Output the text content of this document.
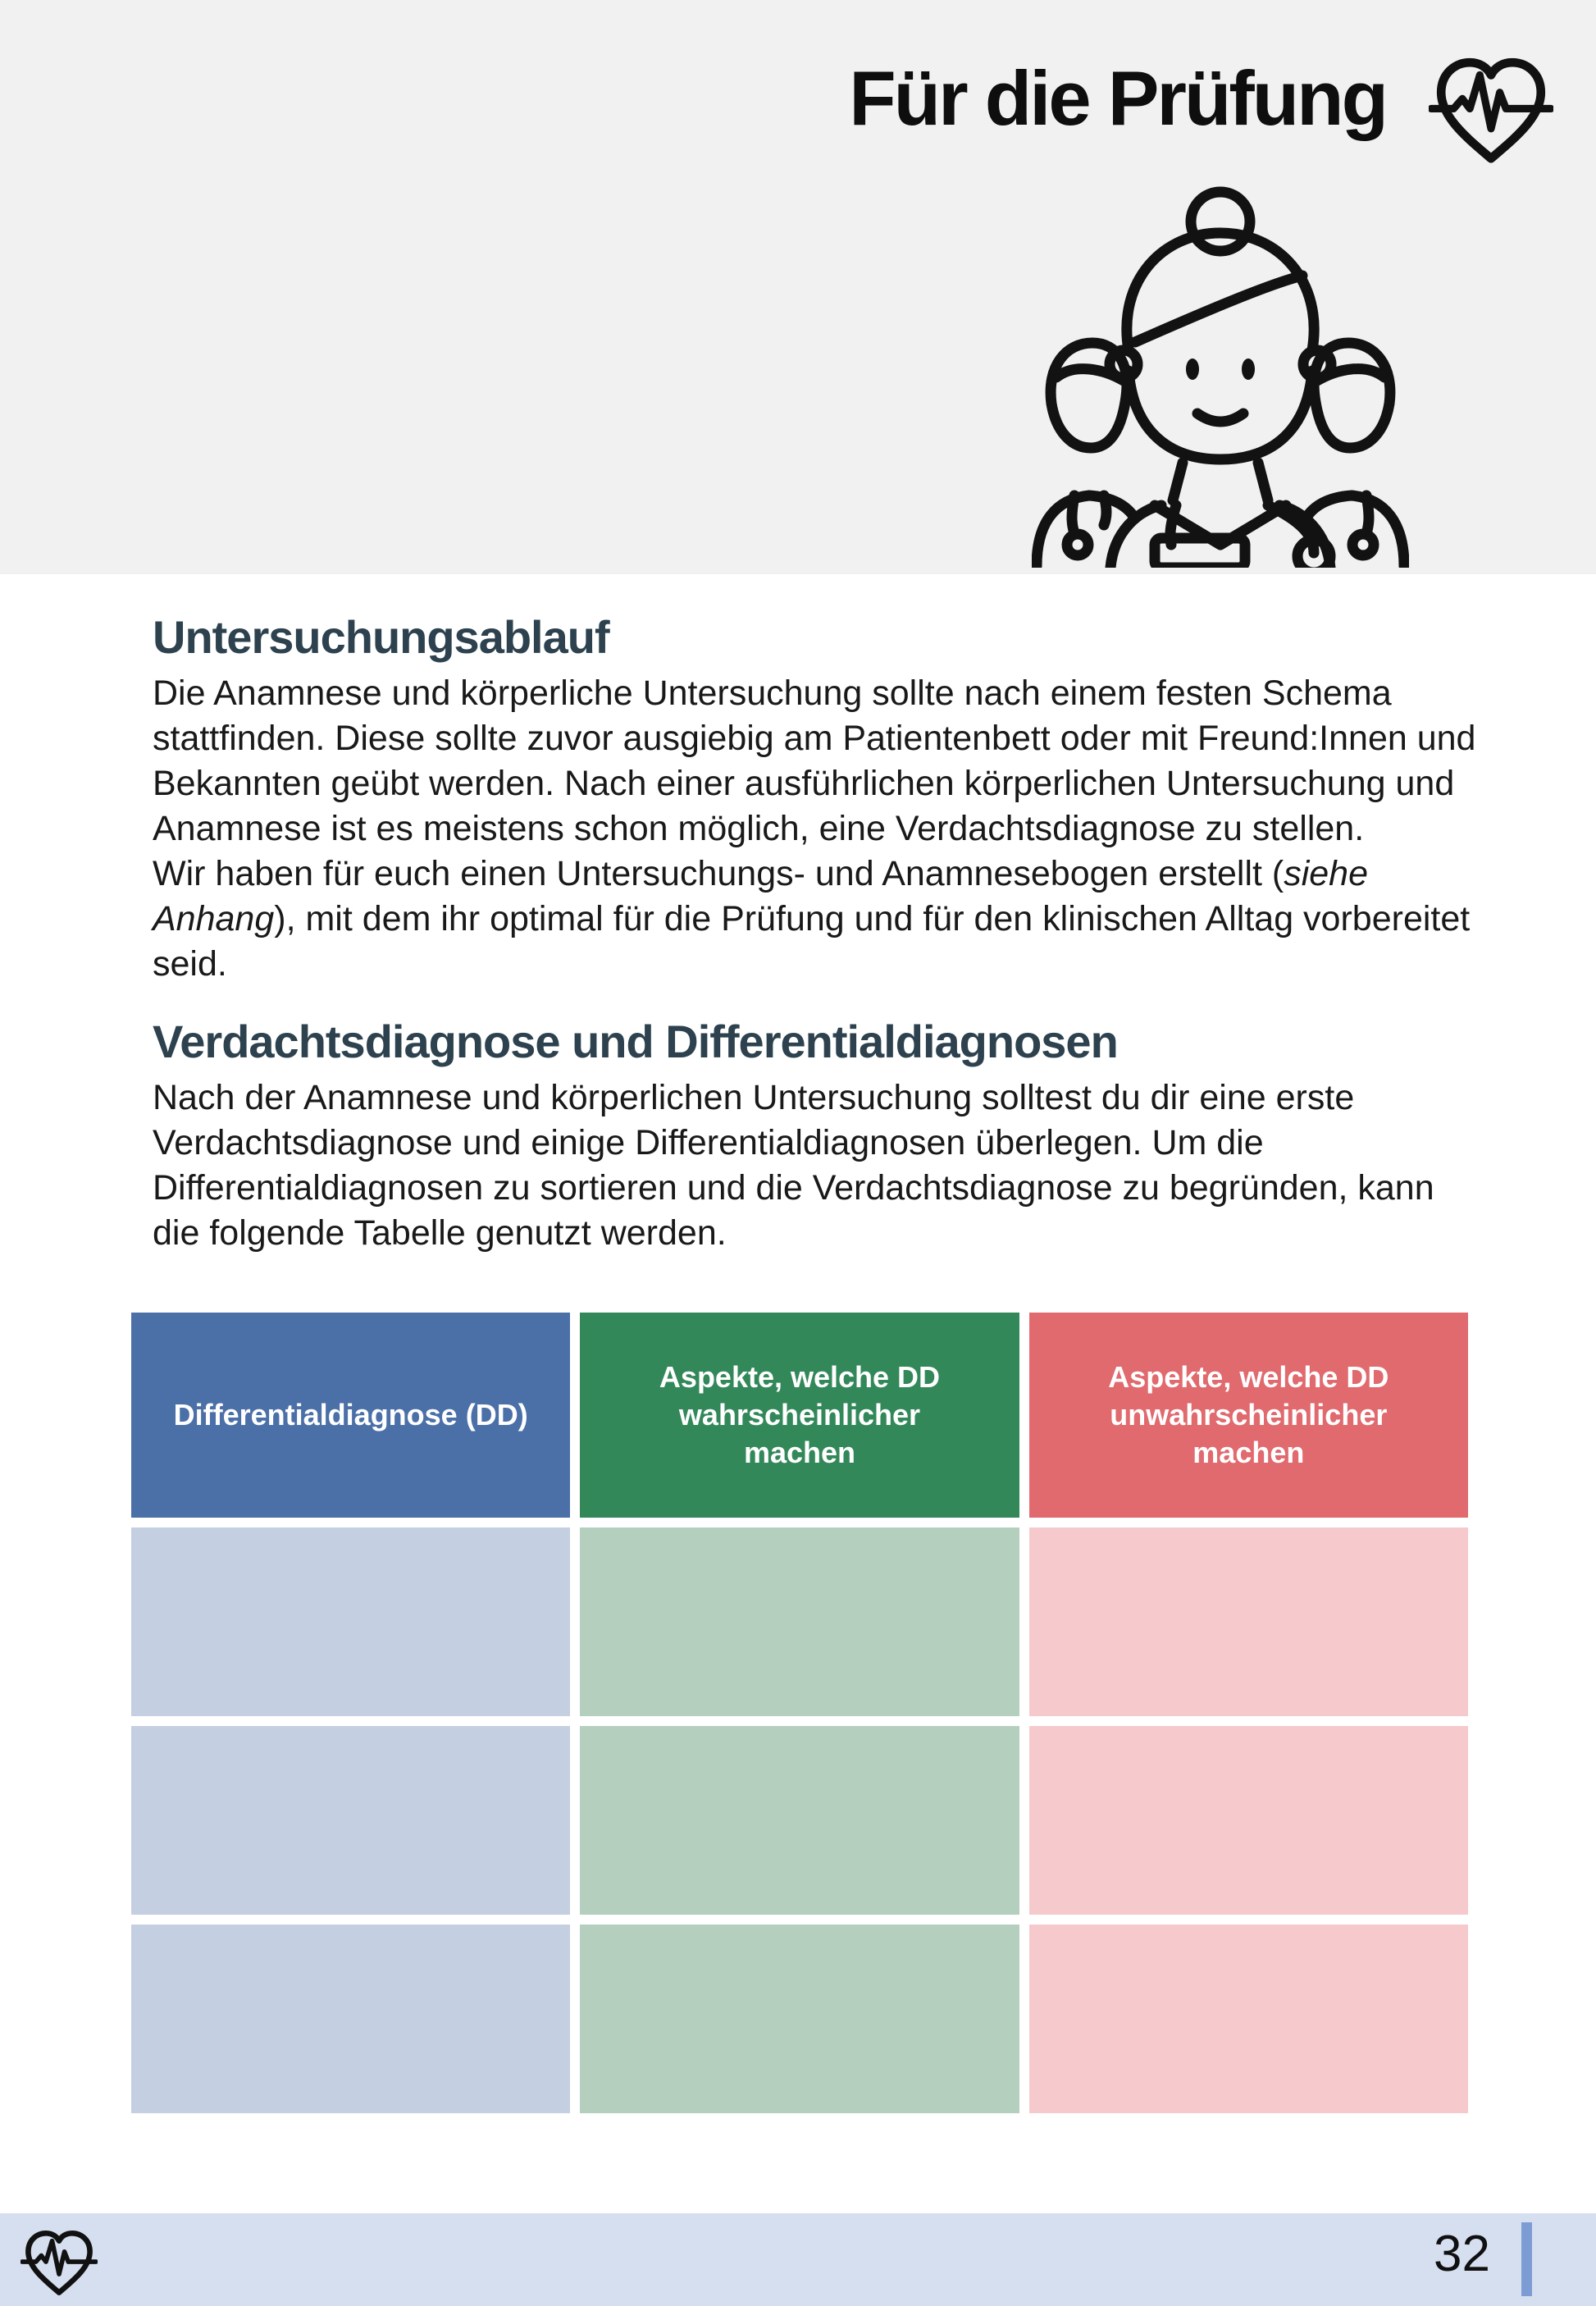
Für die Prüfung
Untersuchungsablauf

Die Anamnese und körperliche Untersuchung sollte nach einem festen Schema stattfinden. Diese sollte zuvor ausgiebig am Patientenbett oder mit Freund:Innen und Bekannten geübt werden. Nach einer ausführlichen körperlichen Untersuchung und Anamnese ist es meistens schon möglich, eine Verdachtsdiagnose zu stellen.

Wir haben für euch einen Untersuchungs- und Anamnesebogen erstellt (siehe Anhang), mit dem ihr optimal für die Prüfung und für den klinischen Alltag vorbereitet seid.

Verdachtsdiagnose und Differentialdiagnosen

Nach der Anamnese und körperlichen Untersuchung solltest du dir eine erste Verdachtsdiagnose und einige Differentialdiagnosen überlegen. Um die Differentialdiagnosen zu sortieren und die Verdachtsdiagnose zu begründen, kann die folgende Tabelle genutzt werden.

Differentialdiagnose (DD)
Aspekte, welche DD wahrscheinlicher machen
Aspekte, welche DD unwahrscheinlicher machen
32
